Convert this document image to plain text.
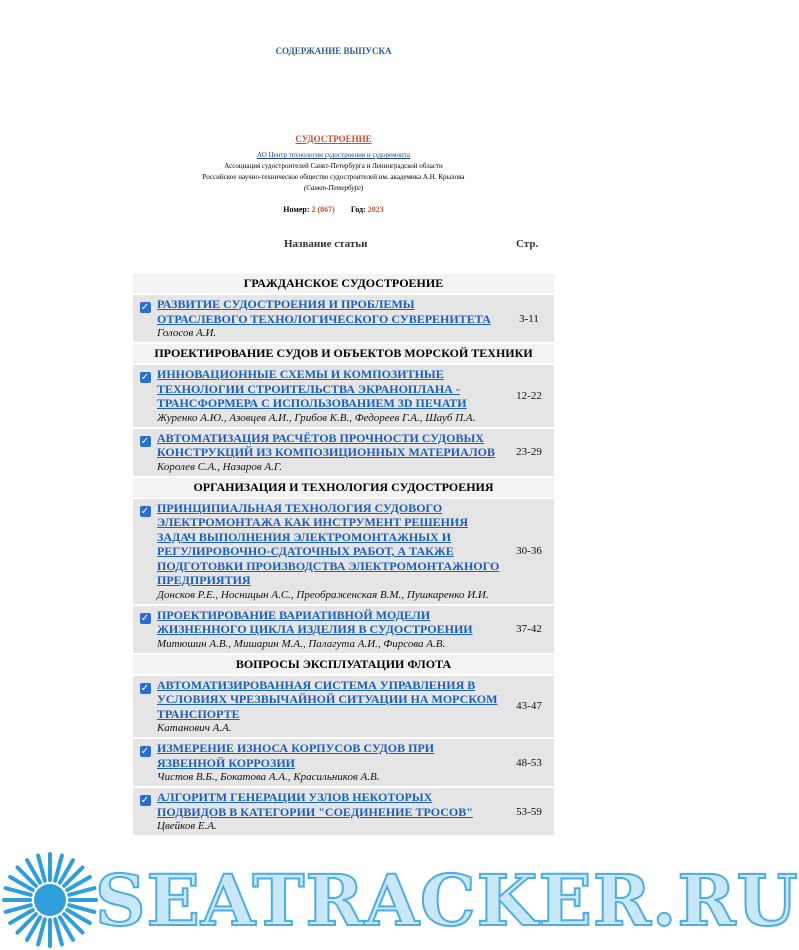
СОДЕРЖАНИЕ ВЫПУСКА
СУДОСТРОЕНИЕ
АО Центр технологии судостроения и судоремонта
Ассоциация судостроителей Санкт-Петербурга и Ленинградской области
Российское научно-техническое общество судостроителей им. академика А.Н. Крылова
(Санкт-Петербург)
Номер: 2 (867) Год: 2023
Название статьи	Стр.
ГРАЖДАНСКОЕ СУДОСТРОЕНИЕ		
✓	РАЗВИТИЕ СУДОСТРОЕНИЯ И ПРОБЛЕМЫ ОТРАСЛЕВОГО ТЕХНОЛОГИЧЕСКОГО СУВЕРЕНИТЕТА
Голосов А.И.	3-11
ПРОЕКТИРОВАНИЕ СУДОВ И ОБЪЕКТОВ МОРСКОЙ ТЕХНИКИ		
✓	ИННОВАЦИОННЫЕ СХЕМЫ И КОМПОЗИТНЫЕ ТЕХНОЛОГИИ СТРОИТЕЛЬСТВА ЭКРАНОПЛАНА - ТРАНСФОРМЕРА С ИСПОЛЬЗОВАНИЕМ 3D ПЕЧАТИ
Журенко А.Ю., Азовцев А.И., Грибов К.В., Федореев Г.А., Шауб П.А.	12-22
✓	АВТОМАТИЗАЦИЯ РАСЧЁТОВ ПРОЧНОСТИ СУДОВЫХ КОНСТРУКЦИЙ ИЗ КОМПОЗИЦИОННЫХ МАТЕРИАЛОВ
Королев С.А., Назаров А.Г.	23-29
ОРГАНИЗАЦИЯ И ТЕХНОЛОГИЯ СУДОСТРОЕНИЯ		
✓	ПРИНЦИПИАЛЬНАЯ ТЕХНОЛОГИЯ СУДОВОГО ЭЛЕКТРОМОНТАЖА КАК ИНСТРУМЕНТ РЕШЕНИЯ ЗАДАЧ ВЫПОЛНЕНИЯ ЭЛЕКТРОМОНТАЖНЫХ И РЕГУЛИРОВОЧНО-СДАТОЧНЫХ РАБОТ, А ТАКЖЕ ПОДГОТОВКИ ПРОИЗВОДСТВА ЭЛЕКТРОМОНТАЖНОГО ПРЕДПРИЯТИЯ
Донсков Р.Е., Носницын А.С., Преображенская В.М., Пушкаренко И.И.	30-36
✓	ПРОЕКТИРОВАНИЕ ВАРИАТИВНОЙ МОДЕЛИ ЖИЗНЕННОГО ЦИКЛА ИЗДЕЛИЯ В СУДОСТРОЕНИИ
Митюшин А.В., Мишарин М.А., Палагута А.И., Фирсова А.В.	37-42
ВОПРОСЫ ЭКСПЛУАТАЦИИ ФЛОТА		
✓	АВТОМАТИЗИРОВАННАЯ СИСТЕМА УПРАВЛЕНИЯ В УСЛОВИЯХ ЧРЕЗВЫЧАЙНОЙ СИТУАЦИИ НА МОРСКОМ ТРАНСПОРТЕ
Катанович А.А.	43-47
✓	ИЗМЕРЕНИЕ ИЗНОСА КОРПУСОВ СУДОВ ПРИ ЯЗВЕННОЙ КОРРОЗИИ
Чистов В.Б., Бокатова А.А., Красильников А.В.	48-53
✓	АЛГОРИТМ ГЕНЕРАЦИИ УЗЛОВ НЕКОТОРЫХ ПОДВИДОВ В КАТЕГОРИИ "СОЕДИНЕНИЕ ТРОСОВ"
Цвейков Е.А.	53-59
SEATRACKER.RU
